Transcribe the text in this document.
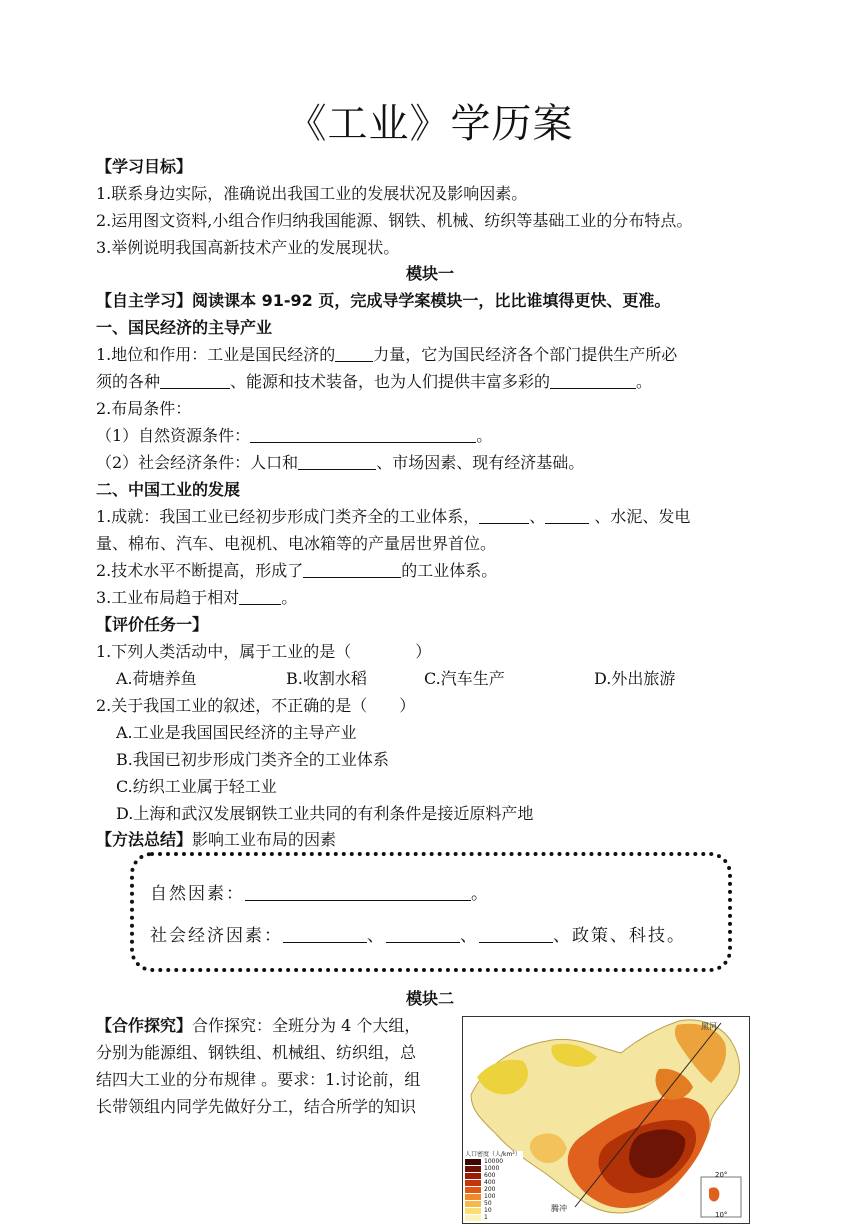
《工业》学历案
【学习目标】
1.联系身边实际，准确说出我国工业的发展状况及影响因素。
2.运用图文资料,小组合作归纳我国能源、钢铁、机械、纺织等基础工业的分布特点。
3.举例说明我国高新技术产业的发展现状。
模块一
【自主学习】阅读课本 91-92 页，完成导学案模块一，比比谁填得更快、更准。
一、国民经济的主导产业
1.地位和作用：工业是国民经济的 力量，它为国民经济各个部门提供生产所必
须的各种	、能源和技术装备，也为人们提供丰富多彩的	。
2.布局条件：
（1）自然资源条件：	。
（2）社会经济条件：人口和	、市场因素、现有经济基础。
二、中国工业的发展
1.成就：我国工业已经初步形成门类齐全的工业体系，	、	、水泥、发电
量、棉布、汽车、电视机、电冰箱等的产量居世界首位。
2.技术水平不断提高，形成了	的工业体系。
3.工业布局趋于相对	。
【评价任务一】
1.下列人类活动中，属于工业的是（　　　　）
A.荷塘养鱼	B.收割水稻	C.汽车生产	D.外出旅游
2.关于我国工业的叙述，不正确的是（　　）
A.工业是我国国民经济的主导产业
B.我国已初步形成门类齐全的工业体系
C.纺织工业属于轻工业
D.上海和武汉发展钢铁工业共同的有利条件是接近原料产地
【方法总结】影响工业布局的因素
自然因素：	。
社会经济因素：	、	、	、政策、科技。
模块二
【合作探究】合作探究：全班分为 4 个大组，
分别为能源组、钢铁组、机械组、纺织组，总
结四大工业的分布规律 。要求：1.讨论前，组
长带领组内同学先做好分工，结合所学的知识
黑河
腾冲
20°
10°
人口密度（人/km²）
10000
1000
600
400
200
100
50
10
1
